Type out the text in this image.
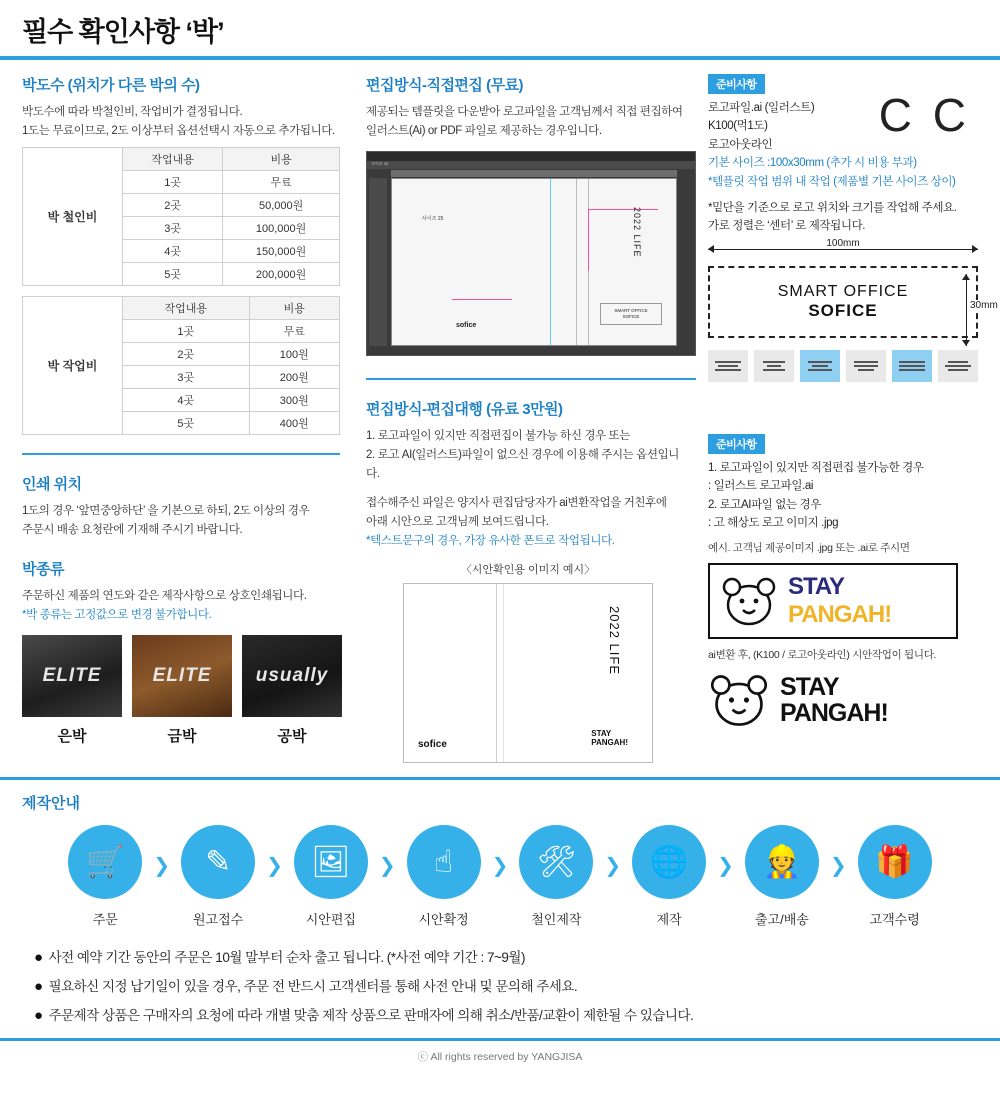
필수 확인사항 ‘박’
박도수 (위치가 다른 박의 수)
박도수에 따라 박철인비, 작업비가 결정됩니다.
1도는 무료이므로, 2도 이상부터 옵션선택시 자동으로 추가됩니다.
박 철인비	작업내용	비용
	1곳	무료
	2곳	50,000원
	3곳	100,000원
	4곳	150,000원
	5곳	200,000원
박 작업비	작업내용	비용
	1곳	무료
	2곳	100원
	3곳	200원
	4곳	300원
	5곳	400원
인쇄 위치
1도의 경우 ‘앞면중앙하단’ 을 기본으로 하되, 2도 이상의 경우
주문시 배송 요청란에 기재해 주시기 바랍니다.
박종류
주문하신 제품의 연도와 같은 제작사항으로 상호인쇄됩니다.
*박 종류는 고정값으로 변경 불가합니다.
ELITE
은박
ELITE
금박
usually
공박
편집방식-직접편집 (무료)
제공되는 템플릿을 다운받아 로고파일을 고객님께서 직접 편집하여
일러스트(Ai) or PDF 파일로 제공하는 경우입니다.
사이즈 25
사이즈 25	2022 LIFE
sofice
SMART OFFICE
SOFICE
편집방식-편집대행 (유료 3만원)
1. 로고파일이 있지만 직접편집이 불가능 하신 경우 또는
2. 로고 AI(일러스트)파일이 없으신 경우에 이용해 주시는 옵션입니다.
접수해주신 파일은 양지사 편집담당자가 ai변환작업을 거친후에
아래 시안으로 고객님께 보여드립니다.
*텍스트문구의 경우, 가장 유사한 폰트로 작업됩니다.
〈시안확인용 이미지 예시〉
2022 LIFE
sofice
STAY
PANGAH!
준비사항
C C
로고파일.ai (일러스트)
K100(먹1도)
로고아웃라인
기본 사이즈 :100x30mm (추가 시 비용 부과)
*템플릿 작업 범위 내 작업 (제품별 기본 사이즈 상이)
*밑단을 기준으로 로고 위치와 크기를 작업해 주세요.
가로 정렬은 ‘센터’ 로 제작됩니다.
100mm
SMART OFFICE
SOFICE	30mm
준비사항
1. 로고파일이 있지만 직접편집 불가능한 경우
: 일러스트 로고파일.ai
2. 로고AI파일 없는 경우
: 고 해상도 로고 이미지 .jpg
예시. 고객님 제공이미지 .jpg 또는 .ai로 주시면
STAY
PANGAH!
ai변환 후, (K100 / 로고아웃라인) 시안작업이 됩니다.
STAY
PANGAH!
제작안내
🛒
주문
❯	✎
원고접수
❯ 🖼
시안편집
❯	☝
시안확정
❯ 🛠
철인제작
❯ 🌐
제작
❯ 👷
출고/배송
❯ 🎁
고객수령
● 사전 예약 기간 동안의 주문은 10월 말부터 순차 출고 됩니다. (*사전 예약 기간 : 7~9월)
● 필요하신 지정 납기일이 있을 경우, 주문 전 반드시 고객센터를 통해 사전 안내 및 문의해 주세요.
● 주문제작 상품은 구매자의 요청에 따라 개별 맞춤 제작 상품으로 판매자에 의해 취소/반품/교환이 제한될 수 있습니다.
ⓒ All rights reserved by YANGJISA
